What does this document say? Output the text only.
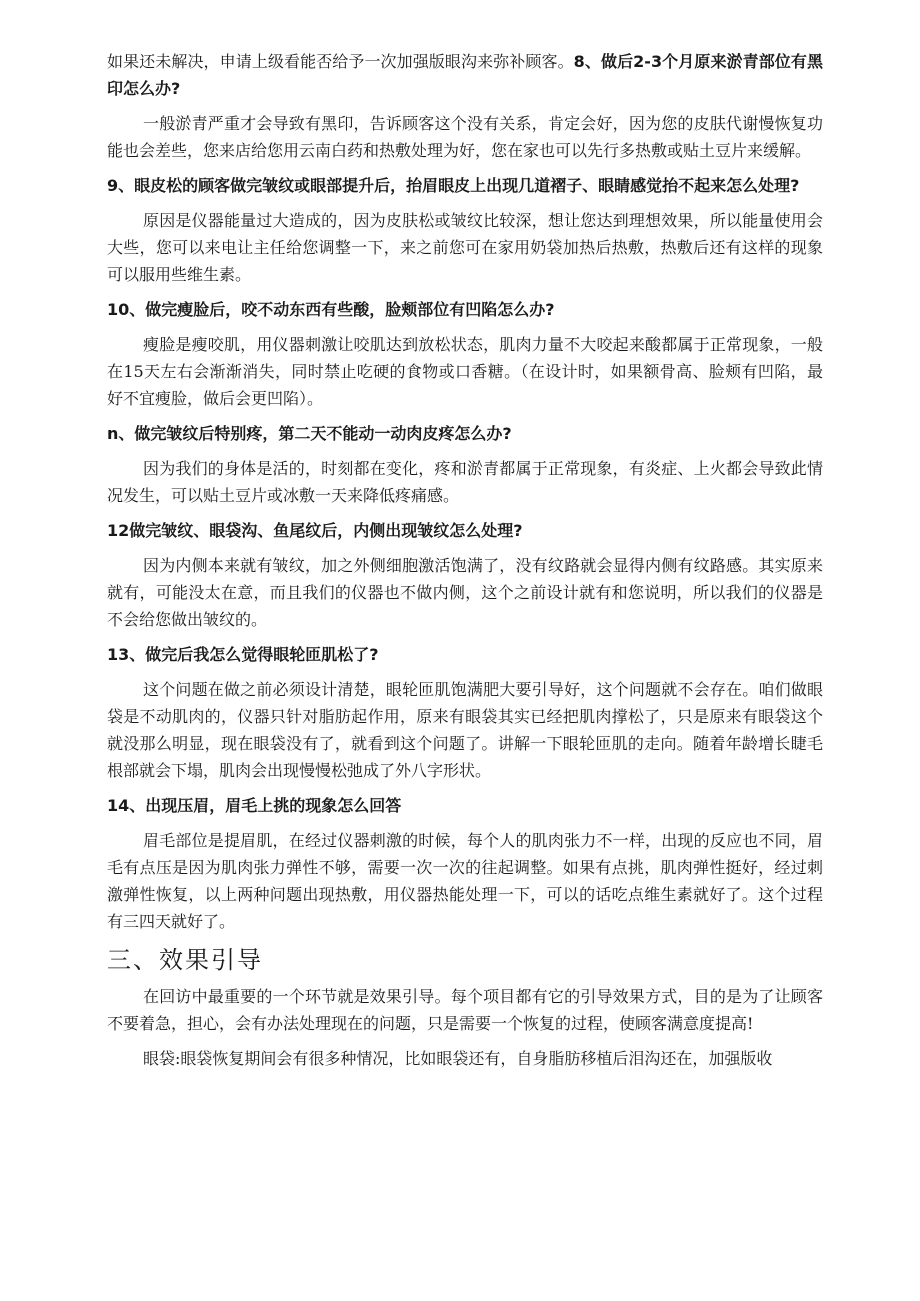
如果还未解决，申请上级看能否给予一次加强版眼沟来弥补顾客。8、做后2-3个月原来淤青部位有黑印怎么办?

一般淤青严重才会导致有黑印，告诉顾客这个没有关系，肯定会好，因为您的皮肤代谢慢恢复功能也会差些，您来店给您用云南白药和热敷处理为好，您在家也可以先行多热敷或贴土豆片来缓解。

9、眼皮松的顾客做完皱纹或眼部提升后，抬眉眼皮上出现几道褶子、眼睛感觉抬不起来怎么处理?

原因是仪器能量过大造成的，因为皮肤松或皱纹比较深，想让您达到理想效果，所以能量使用会大些，您可以来电让主任给您调整一下，来之前您可在家用奶袋加热后热敷，热敷后还有这样的现象可以服用些维生素。

10、做完瘦脸后，咬不动东西有些酸，脸颊部位有凹陷怎么办?

瘦脸是瘦咬肌，用仪器刺激让咬肌达到放松状态，肌肉力量不大咬起来酸都属于正常现象，一般在15天左右会渐渐消失，同时禁止吃硬的食物或口香糖。（在设计时，如果额骨高、脸颊有凹陷，最好不宜瘦脸，做后会更凹陷）。

n、做完皱纹后特别疼，第二天不能动一动肉皮疼怎么办?

因为我们的身体是活的，时刻都在变化，疼和淤青都属于正常现象，有炎症、上火都会导致此情况发生，可以贴土豆片或冰敷一天来降低疼痛感。

12做完皱纹、眼袋沟、鱼尾纹后，内侧出现皱纹怎么处理?

因为内侧本来就有皱纹，加之外侧细胞激活饱满了，没有纹路就会显得内侧有纹路感。其实原来就有，可能没太在意，而且我们的仪器也不做内侧，这个之前设计就有和您说明，所以我们的仪器是不会给您做出皱纹的。

13、做完后我怎么觉得眼轮匝肌松了?

这个问题在做之前必须设计清楚，眼轮匝肌饱满肥大要引导好，这个问题就不会存在。咱们做眼袋是不动肌肉的，仪器只针对脂肪起作用，原来有眼袋其实已经把肌肉撑松了，只是原来有眼袋这个就没那么明显，现在眼袋没有了，就看到这个问题了。讲解一下眼轮匝肌的走向。随着年龄增长睫毛根部就会下塌，肌肉会出现慢慢松弛成了外八字形状。

14、出现压眉，眉毛上挑的现象怎么回答

眉毛部位是提眉肌，在经过仪器刺激的时候，每个人的肌肉张力不一样，出现的反应也不同，眉毛有点压是因为肌肉张力弹性不够，需要一次一次的往起调整。如果有点挑，肌肉弹性挺好，经过刺激弹性恢复，以上两种问题出现热敷，用仪器热能处理一下，可以的话吃点维生素就好了。这个过程有三四天就好了。

三、效果引导

在回访中最重要的一个环节就是效果引导。每个项目都有它的引导效果方式，目的是为了让顾客不要着急，担心，会有办法处理现在的问题，只是需要一个恢复的过程，使顾客满意度提高!

眼袋:眼袋恢复期间会有很多种情况，比如眼袋还有，自身脂肪移植后泪沟还在，加强版收
